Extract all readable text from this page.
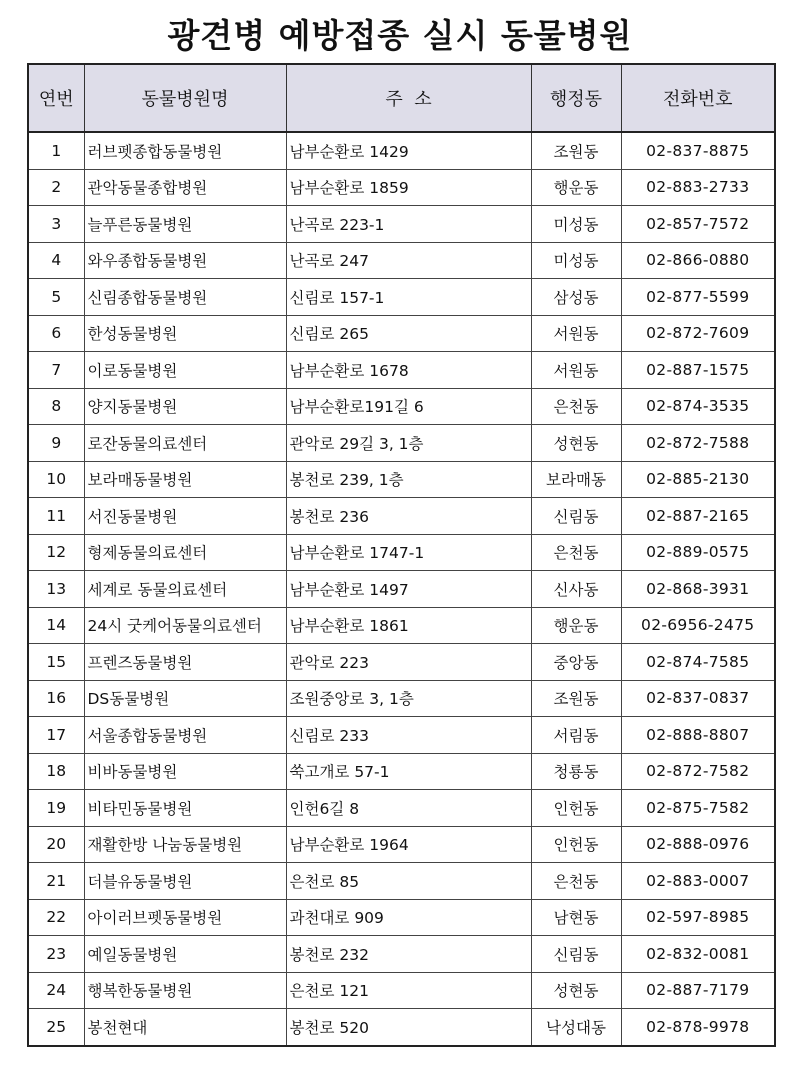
광견병 예방접종 실시 동물병원
연번	동물병원명	주  소	행정동	전화번호
1	러브펫종합동물병원	남부순환로 1429	조원동	02-837-8875
2	관악동물종합병원	남부순환로 1859	행운동	02-883-2733
3	늘푸른동물병원	난곡로 223-1	미성동	02-857-7572
4	와우종합동물병원	난곡로 247	미성동	02-866-0880
5	신림종합동물병원	신림로 157-1	삼성동	02-877-5599
6	한성동물병원	신림로 265	서원동	02-872-7609
7	이로동물병원	남부순환로 1678	서원동	02-887-1575
8	양지동물병원	남부순환로191길 6	은천동	02-874-3535
9	로잔동물의료센터	관악로 29길 3, 1층	성현동	02-872-7588
10	보라매동물병원	봉천로 239, 1층	보라매동	02-885-2130
11	서진동물병원	봉천로 236	신림동	02-887-2165
12	형제동물의료센터	남부순환로 1747-1	은천동	02-889-0575
13	세계로 동물의료센터	남부순환로 1497	신사동	02-868-3931
14	24시 굿케어동물의료센터	남부순환로 1861	행운동	02-6956-2475
15	프렌즈동물병원	관악로 223	중앙동	02-874-7585
16	DS동물병원	조원중앙로 3, 1층	조원동	02-837-0837
17	서울종합동물병원	신림로 233	서림동	02-888-8807
18	비바동물병원	쑥고개로 57-1	청룡동	02-872-7582
19	비타민동물병원	인헌6길 8	인헌동	02-875-7582
20	재활한방 나눔동물병원	남부순환로 1964	인헌동	02-888-0976
21	더블유동물병원	은천로 85	은천동	02-883-0007
22	아이러브펫동물병원	과천대로 909	남현동	02-597-8985
23	예일동물병원	봉천로 232	신림동	02-832-0081
24	행복한동물병원	은천로 121	성현동	02-887-7179
25	봉천현대	봉천로 520	낙성대동	02-878-9978
